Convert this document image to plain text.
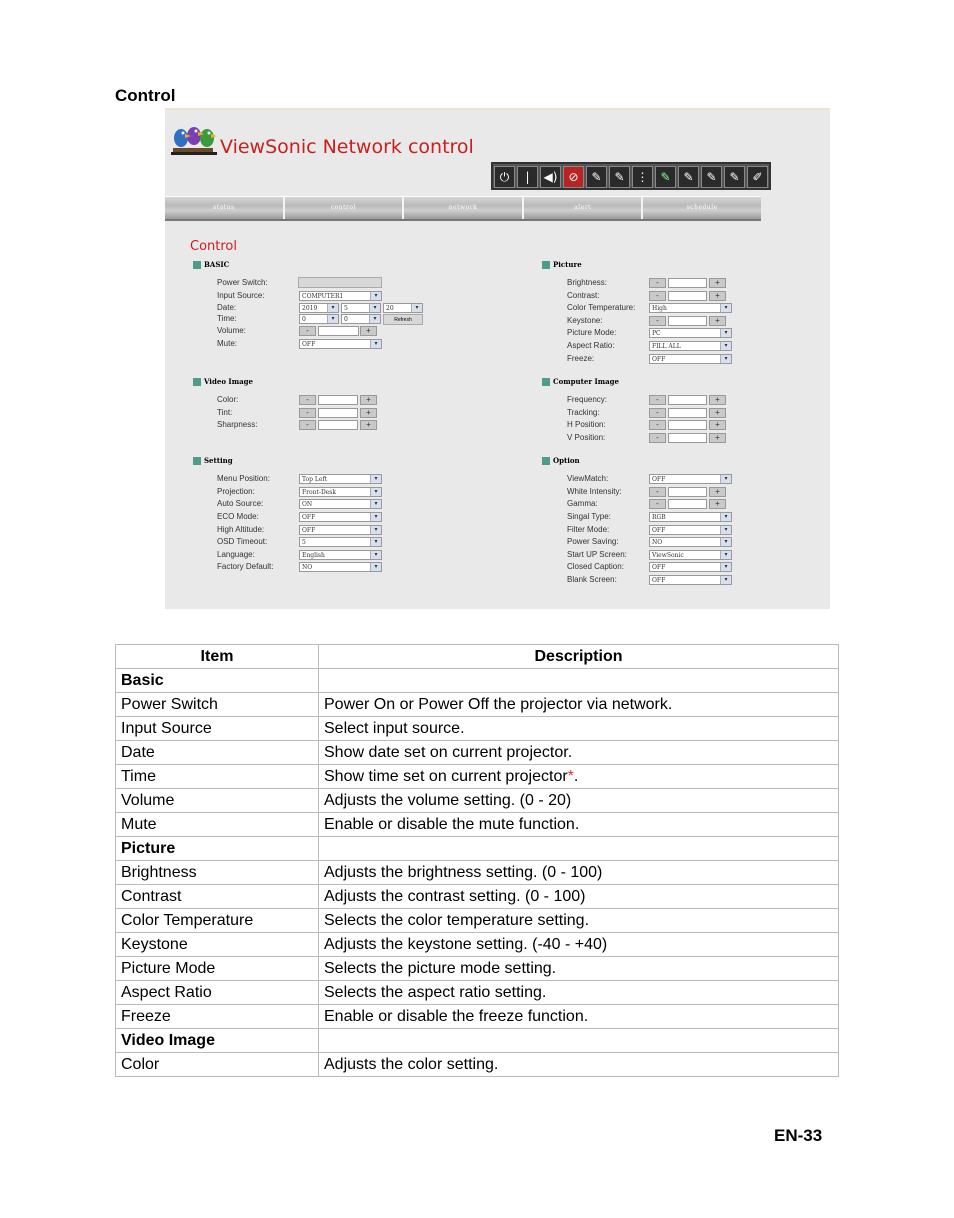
Control
ViewSonic Network control
⏻	|	◀) ⊘	✎	✎ ⋮ ✎	✎	✎	✎	✐
status	control	network	alert	schedule
Control
BASIC
Power Switch:
Input Source:	COMPUTER1	▾
Date:	2019	▾	5	▾	20	▾
Time:	0	▾	0	▾	Refresh
Volume:	-	+
Mute:	OFF	▾
Picture
Brightness:	-	+
Contrast:	-	+
Color Temperature:	High	▾
Keystone:	-	+
Picture Mode:	PC	▾
Aspect Ratio:	FILL ALL	▾
Freeze:	OFF	▾
Video Image
Color:	-	+
Tint:	-	+
Sharpness:	-	+
Computer Image
Frequency:	-	+
Tracking:	-	+
H Position:	-	+
V Position:	-	+
Setting
Menu Position:	Top Left	▾
Projection:	Front-Desk	▾
Auto Source:	ON	▾
ECO Mode:	OFF	▾
High Altitude:	OFF	▾
OSD Timeout:	5	▾
Language:	English	▾
Factory Default:	NO	▾
Option
ViewMatch:	OFF	▾
White Intensity:	-	+
Gamma:	-	+
Singal Type:	RGB	▾
Filter Mode:	OFF	▾
Power Saving:	NO	▾
Start UP Screen:	ViewSonic	▾
Closed Caption:	OFF	▾
Blank Screen:	OFF	▾
Item	Description
Basic	
Power Switch	Power On or Power Off the projector via network.
Input Source	Select input source.
Date	Show date set on current projector.
Time	Show time set on current projector*.
Volume	Adjusts the volume setting. (0 - 20)
Mute	Enable or disable the mute function.
Picture	
Brightness	Adjusts the brightness setting. (0 - 100)
Contrast	Adjusts the contrast setting. (0 - 100)
Color Temperature	Selects the color temperature setting.
Keystone	Adjusts the keystone setting. (-40 - +40)
Picture Mode	Selects the picture mode setting.
Aspect Ratio	Selects the aspect ratio setting.
Freeze	Enable or disable the freeze function.
Video Image	
Color	Adjusts the color setting.
EN-33
